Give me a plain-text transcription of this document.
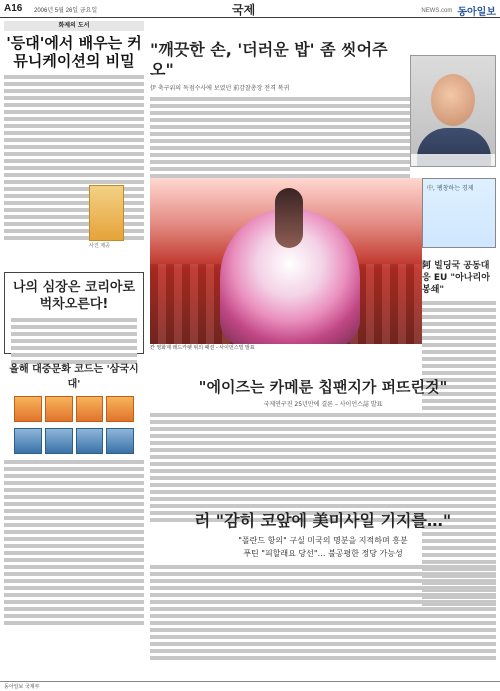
A16 2006년 5월 26일 금요일	국제	NEWS.com 동아일보
화제의 도서
'등대'에서 배우는 커뮤니케이션의 비밀
사진 제공
나의 심장은 코리아로 벅차오른다!
올해 대중문화 코드는 '삼국시대'
"깨끗한 손, '더러운 밥' 좀 씻어주오"
伊 축구위의 독점수사에 보였던 前감찰총장 전격 복귀
中, 팽창하는 경제
阿 빌딩국 공동대응 EU "아나리아 봉쇄"
칸 영화제 레드카펫 위의 패션 - 사이먼스빌 발표
"에이즈는 카메룬 칩팬지가 퍼뜨린것"
국제연구진 25년만에 결론 – 사이언스誌 발표
러 "감히 코앞에 美미사일 기지를…"
"폴란드 항의" 구실 미국의 명분을 지적하며 흥분
푸틴 "피할래요 당선"… 불공평한 정당 가능성
동아일보 국제부
